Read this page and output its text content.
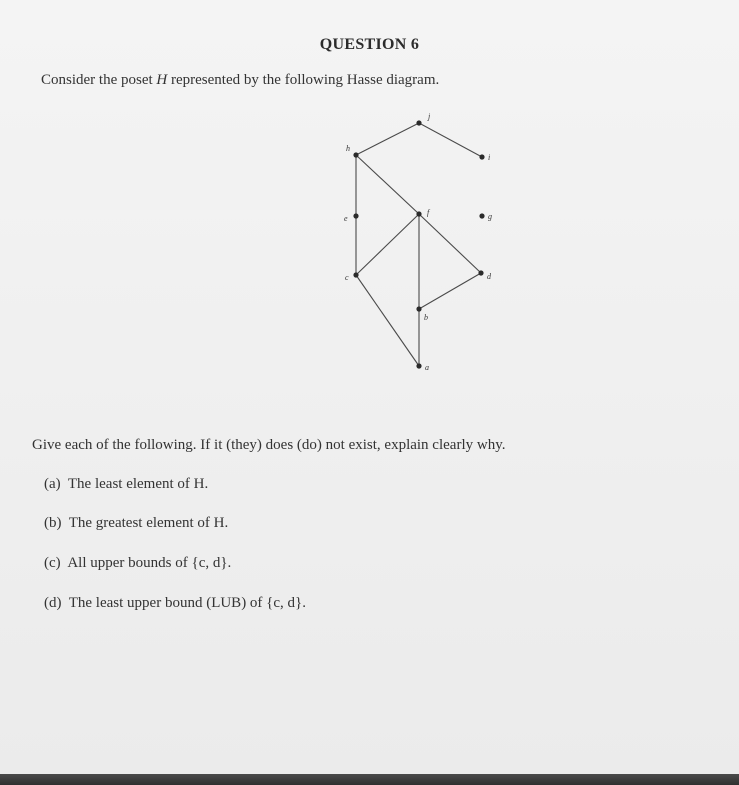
QUESTION 6
Consider the poset H represented by the following Hasse diagram.
a
b
c	d
e
f	g
h
i
j
Give each of the following. If it (they) does (do) not exist, explain clearly why.
(a) The least element of H.
(b) The greatest element of H.
(c) All upper bounds of {c, d}.
(d) The least upper bound (LUB) of {c, d}.
